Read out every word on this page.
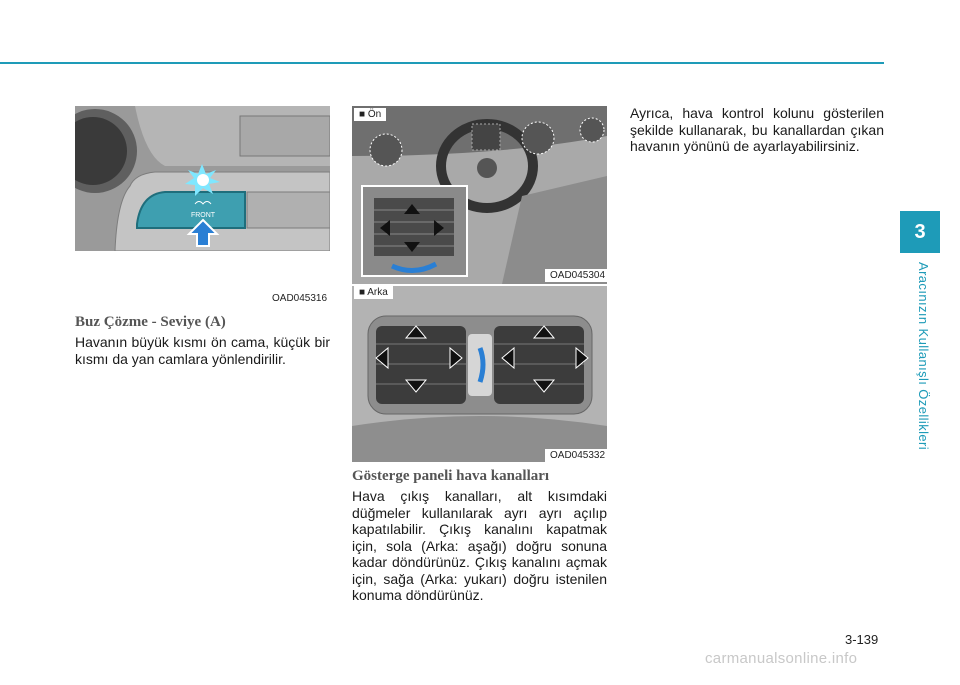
3
Aracınızın Kullanışlı Özellikleri
FRONT
OAD045316
■ Ön
OAD045304
■ Arka
OAD045332
Buz Çözme - Seviye (A)
Havanın büyük kısmı ön cama, küçük bir kısmı da yan camlara yönlendirilir.
Gösterge paneli hava kanalları
Hava çıkış kanalları, alt kısımdaki düğmeler kullanılarak ayrı ayrı açılıp kapatılabilir. Çıkış kanalını kapatmak için, sola (Arka: aşağı) doğru sonuna kadar döndürünüz. Çıkış kanalını açmak için, sağa (Arka: yukarı) doğru istenilen konuma döndürünüz.
Ayrıca, hava kontrol kolunu gösterilen şekilde kullanarak, bu kanallardan çıkan havanın yönünü de ayarlayabilirsiniz.
3-139
carmanualsonline.info
